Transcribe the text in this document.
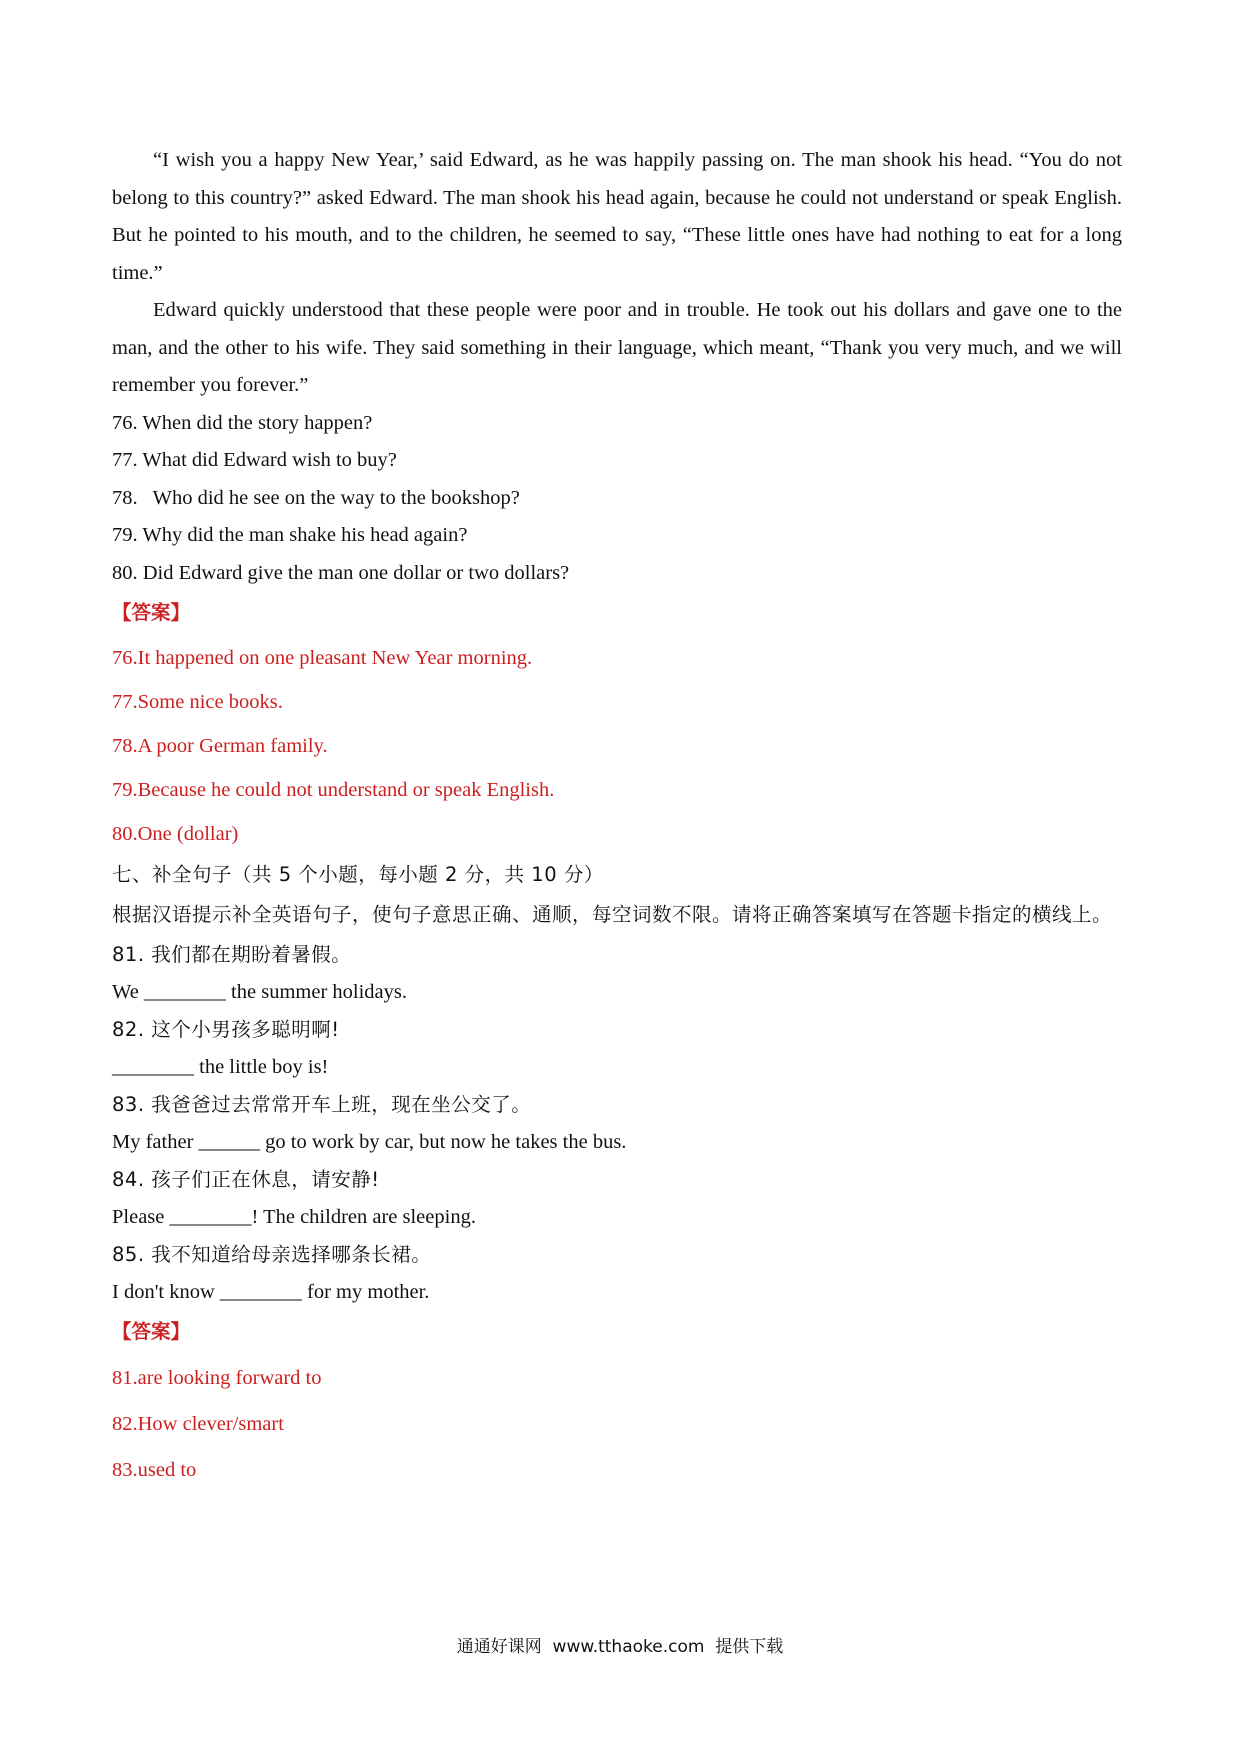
“I wish you a happy New Year,’ said Edward, as he was happily passing on. The man shook his head. “You do not belong to this country?” asked Edward. The man shook his head again, because he could not understand or speak English. But he pointed to his mouth, and to the children, he seemed to say, “These little ones have had nothing to eat for a long time.”

Edward quickly understood that these people were poor and in trouble. He took out his dollars and gave one to the man, and the other to his wife. They said something in their language, which meant, “Thank you very much, and we will remember you forever.”

76. When did the story happen?

77. What did Edward wish to buy?

78.   Who did he see on the way to the bookshop?

79. Why did the man shake his head again?

80. Did Edward give the man one dollar or two dollars?

【答案】

76.It happened on one pleasant New Year morning.

77.Some nice books.

78.A poor German family.

79.Because he could not understand or speak English.

80.One (dollar)

七、补全句子（共 5 个小题，每小题 2 分，共 10 分）

根据汉语提示补全英语句子，使句子意思正确、通顺，每空词数不限。请将正确答案填写在答题卡指定的横线上。

81. 我们都在期盼着暑假。

We ________ the summer holidays.

82. 这个小男孩多聪明啊!

________ the little boy is!

83. 我爸爸过去常常开车上班，现在坐公交了。

My father ______ go to work by car, but now he takes the bus.

84. 孩子们正在休息，请安静!

Please ________! The children are sleeping.

85. 我不知道给母亲选择哪条长裙。

I don't know ________ for my mother.

【答案】

81.are looking forward to

82.How clever/smart

83.used to

通通好课网  www.tthaoke.com  提供下载
